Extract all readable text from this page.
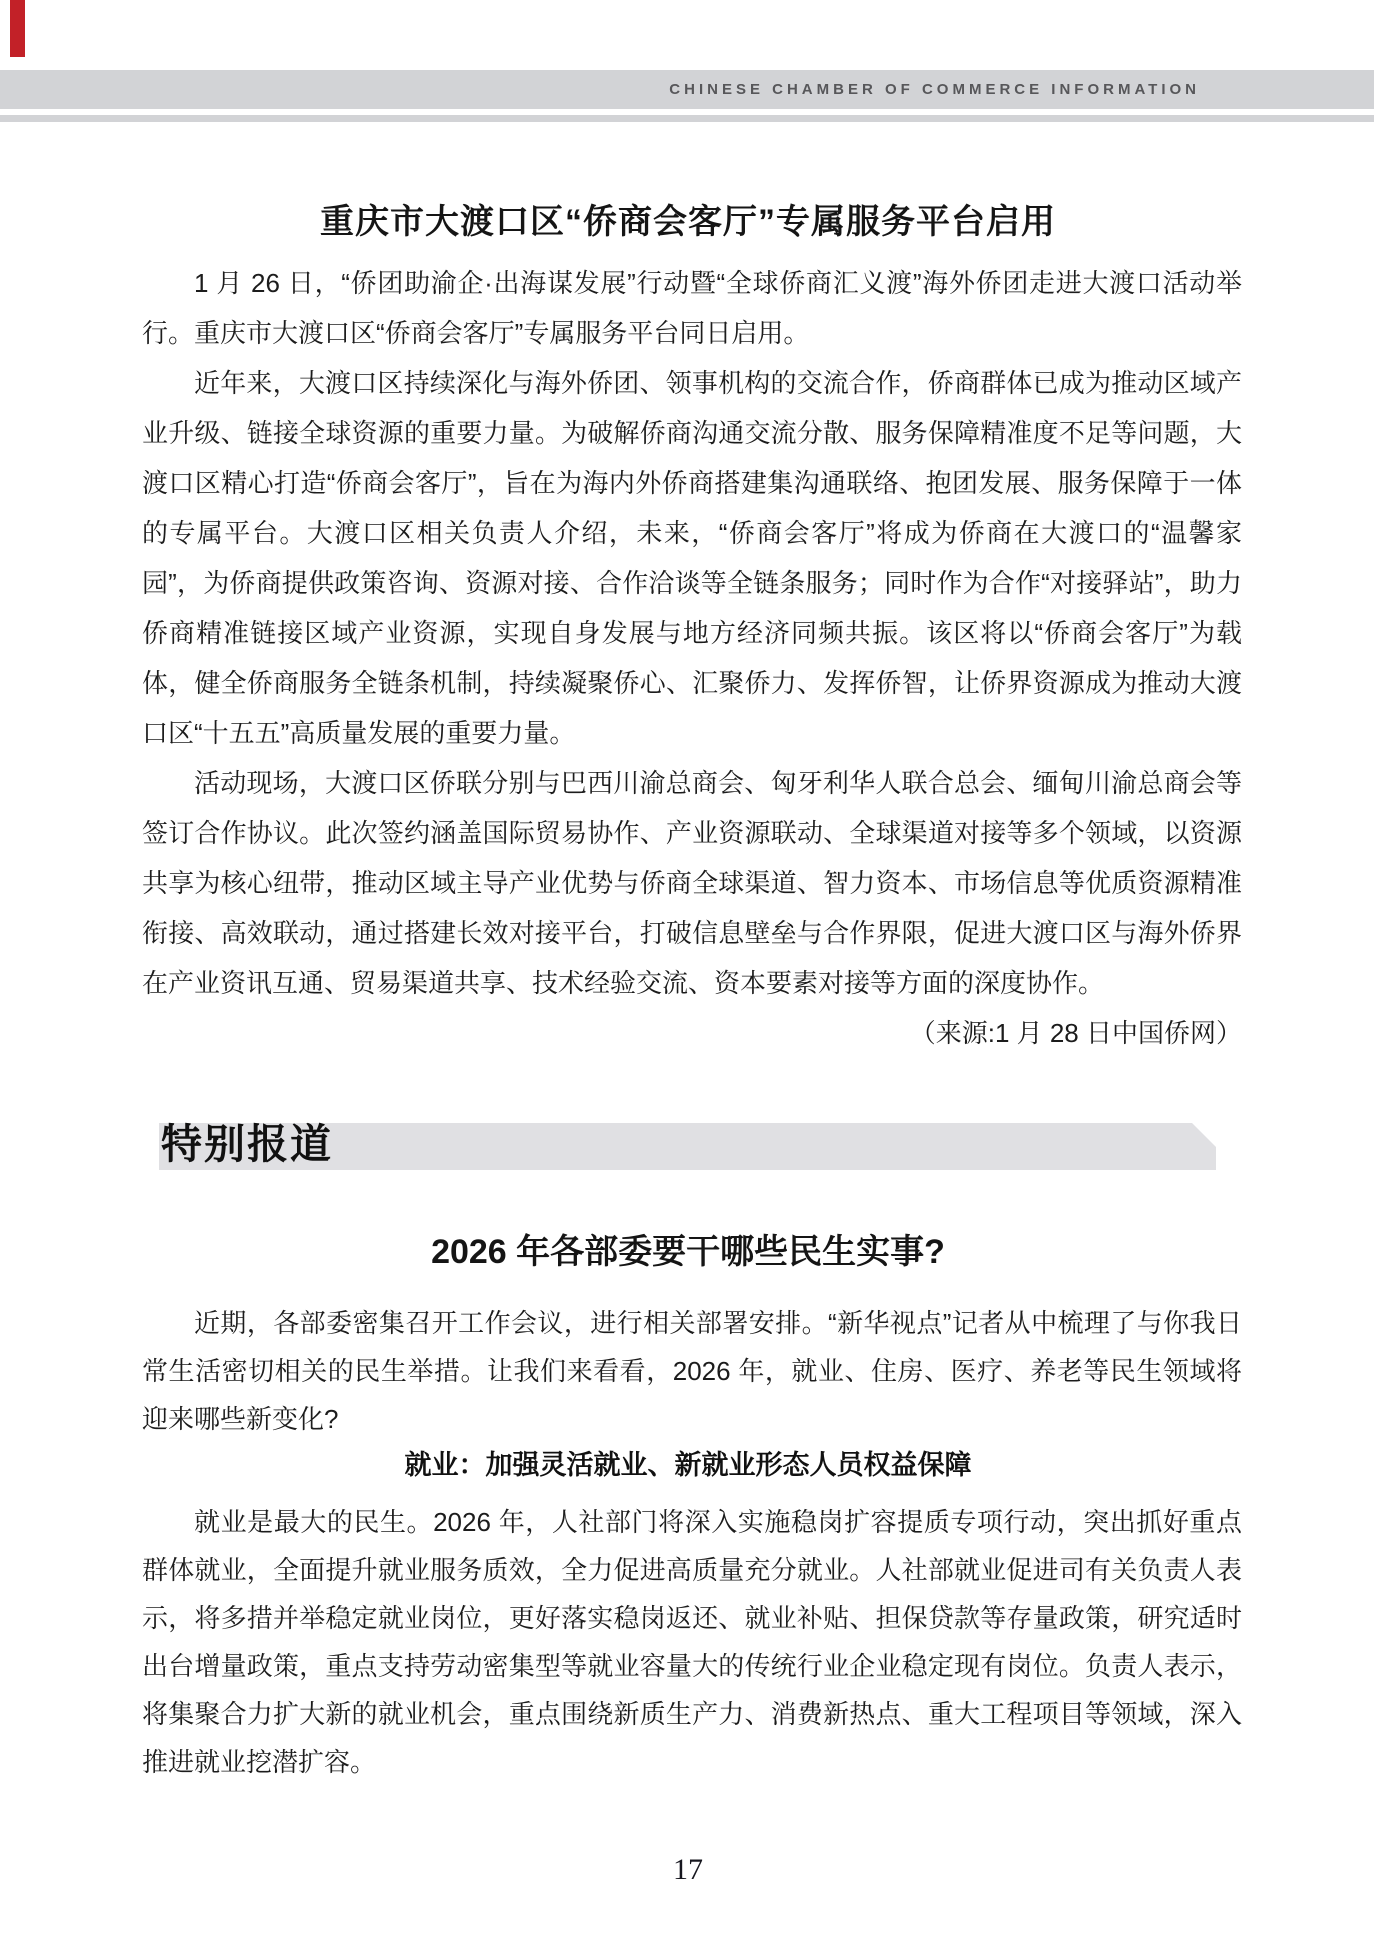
CHINESE CHAMBER OF COMMERCE INFORMATION
重庆市大渡口区“侨商会客厅”专属服务平台启用

1 月 26 日，“侨团助渝企·出海谋发展”行动暨“全球侨商汇义渡”海外侨团走进大渡口活动举行。重庆市大渡口区“侨商会客厅”专属服务平台同日启用。

近年来，大渡口区持续深化与海外侨团、领事机构的交流合作，侨商群体已成为推动区域产业升级、链接全球资源的重要力量。为破解侨商沟通交流分散、服务保障精准度不足等问题，大渡口区精心打造“侨商会客厅”，旨在为海内外侨商搭建集沟通联络、抱团发展、服务保障于一体的专属平台。大渡口区相关负责人介绍，未来，“侨商会客厅”将成为侨商在大渡口的“温馨家园”，为侨商提供政策咨询、资源对接、合作洽谈等全链条服务；同时作为合作“对接驿站”，助力侨商精准链接区域产业资源，实现自身发展与地方经济同频共振。该区将以“侨商会客厅”为载体，健全侨商服务全链条机制，持续凝聚侨心、汇聚侨力、发挥侨智，让侨界资源成为推动大渡口区“十五五”高质量发展的重要力量。

活动现场，大渡口区侨联分别与巴西川渝总商会、匈牙利华人联合总会、缅甸川渝总商会等签订合作协议。此次签约涵盖国际贸易协作、产业资源联动、全球渠道对接等多个领域，以资源共享为核心纽带，推动区域主导产业优势与侨商全球渠道、智力资本、市场信息等优质资源精准衔接、高效联动，通过搭建长效对接平台，打破信息壁垒与合作界限，促进大渡口区与海外侨界在产业资讯互通、贸易渠道共享、技术经验交流、资本要素对接等方面的深度协作。
（来源:1 月 28 日中国侨网）

特别报道
2026 年各部委要干哪些民生实事?

近期，各部委密集召开工作会议，进行相关部署安排。“新华视点”记者从中梳理了与你我日常生活密切相关的民生举措。让我们来看看，2026 年，就业、住房、医疗、养老等民生领域将迎来哪些新变化?

就业：加强灵活就业、新就业形态人员权益保障

就业是最大的民生。2026 年，人社部门将深入实施稳岗扩容提质专项行动，突出抓好重点群体就业，全面提升就业服务质效，全力促进高质量充分就业。人社部就业促进司有关负责人表示，将多措并举稳定就业岗位，更好落实稳岗返还、就业补贴、担保贷款等存量政策，研究适时出台增量政策，重点支持劳动密集型等就业容量大的传统行业企业稳定现有岗位。负责人表示，将集聚合力扩大新的就业机会，重点围绕新质生产力、消费新热点、重大工程项目等领域，深入推进就业挖潜扩容。

17
